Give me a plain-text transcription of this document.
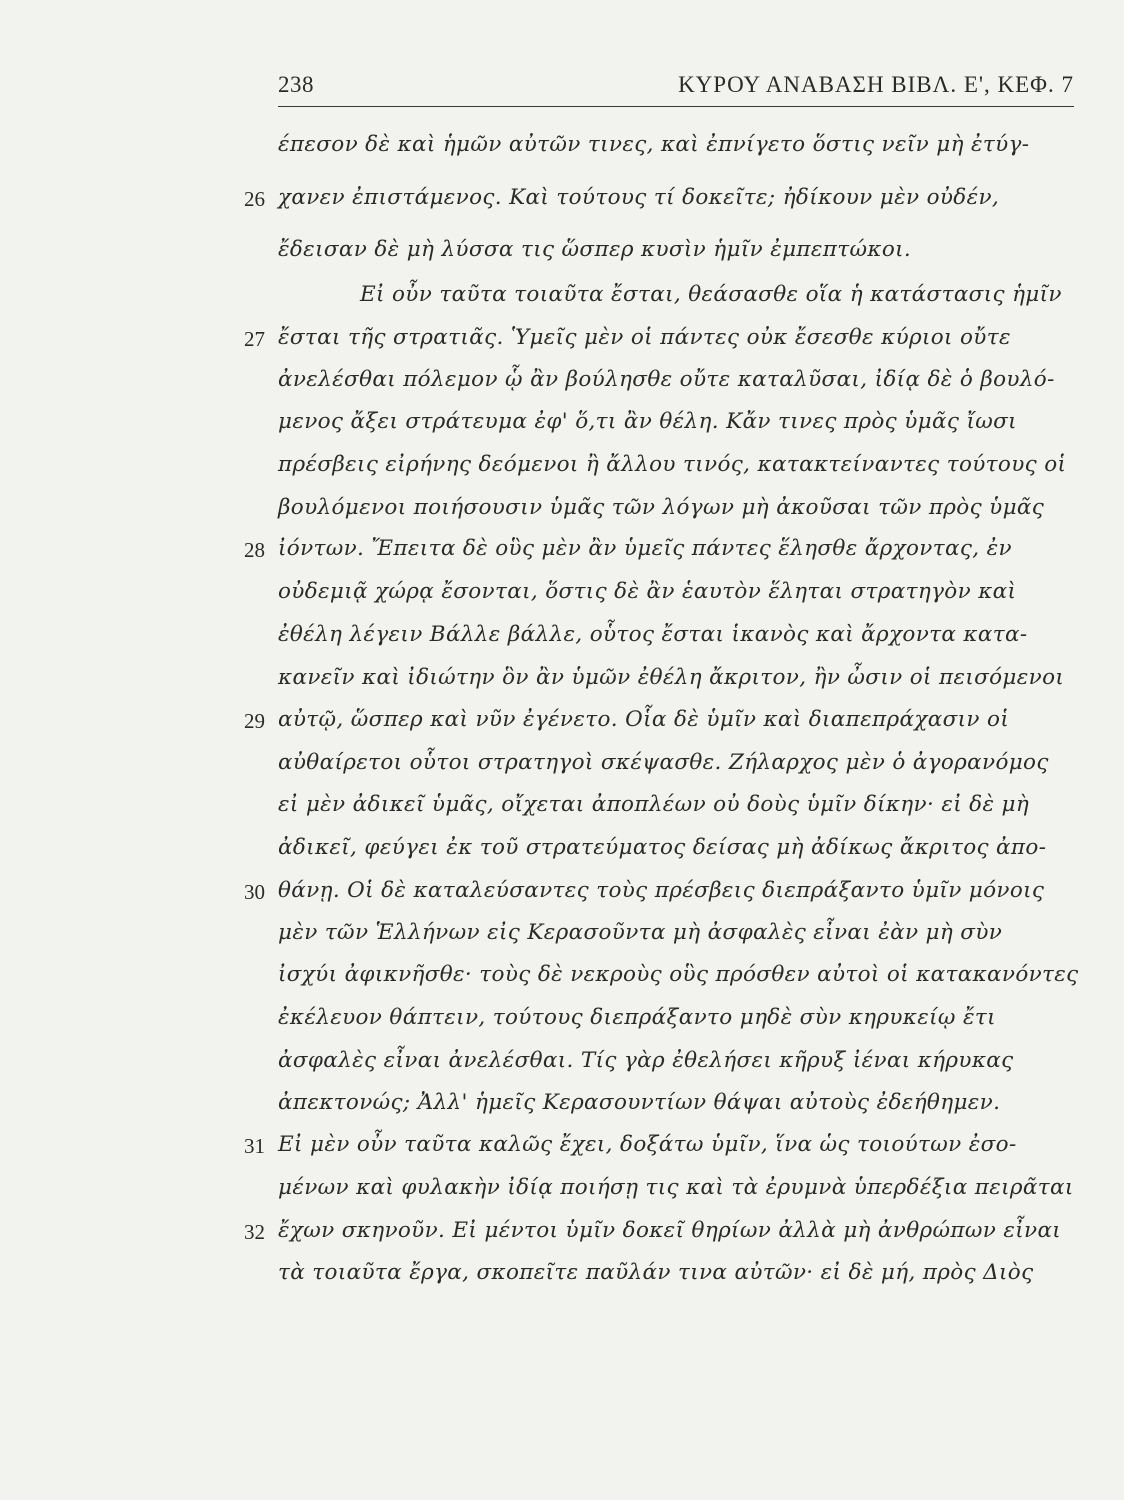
238	ΚΥΡΟΥ ΑΝΑΒΑΣΗ ΒΙΒΛ. Ε', ΚΕΦ. 7
έπεσον δὲ καὶ ἡμῶν αὐτῶν τινες, καὶ ἐπνίγετο ὅστις νεῖν μὴ ἐτύγ-
26 χανεν ἐπιστάμενος. Καὶ τούτους τί δοκεῖτε; ἠδίκουν μὲν οὐδέν,
ἔδεισαν δὲ μὴ λύσσα τις ὥσπερ κυσὶν ἡμῖν ἐμπεπτώκοι.
Εἰ οὖν ταῦτα τοιαῦτα ἔσται, θεάσασθε οἵα ἡ κατάστασις ἡμῖν
27 ἔσται τῆς στρατιᾶς. Ὑμεῖς μὲν οἱ πάντες οὐκ ἔσεσθε κύριοι οὔτε
ἀνελέσθαι πόλεμον ᾧ ἂν βούλησθε οὔτε καταλῦσαι, ἰδίᾳ δὲ ὁ βουλό-
μενος ἄξει στράτευμα ἐφ' ὅ,τι ἂν θέλη. Κἄν τινες πρὸς ὑμᾶς ἴωσι
πρέσβεις εἰρήνης δεόμενοι ἢ ἄλλου τινός, κατακτείναντες τούτους οἱ
βουλόμενοι ποιήσουσιν ὑμᾶς τῶν λόγων μὴ ἀκοῦσαι τῶν πρὸς ὑμᾶς
28 ἰόντων. Ἔπειτα δὲ οὓς μὲν ἂν ὑμεῖς πάντες ἕλησθε ἄρχοντας, ἐν
οὐδεμιᾷ χώρᾳ ἔσονται, ὅστις δὲ ἂν ἑαυτὸν ἕληται στρατηγὸν καὶ
ἐθέλη λέγειν Βάλλε βάλλε, οὗτος ἔσται ἱκανὸς καὶ ἄρχοντα κατα-
κανεῖν καὶ ἰδιώτην ὃν ἂν ὑμῶν ἐθέλη ἄκριτον, ἢν ὦσιν οἱ πεισόμενοι
29 αὐτῷ, ὥσπερ καὶ νῦν ἐγένετο. Οἷα δὲ ὑμῖν καὶ διαπεπράχασιν οἱ
αὐθαίρετοι οὗτοι στρατηγοὶ σκέψασθε. Ζήλαρχος μὲν ὁ ἀγορανόμος
εἰ μὲν ἀδικεῖ ὑμᾶς, οἴχεται ἀποπλέων οὐ δοὺς ὑμῖν δίκην· εἰ δὲ μὴ
ἀδικεῖ, φεύγει ἐκ τοῦ στρατεύματος δείσας μὴ ἀδίκως ἄκριτος ἀπο-
30 θάνῃ. Οἱ δὲ καταλεύσαντες τοὺς πρέσβεις διεπράξαντο ὑμῖν μόνοις
μὲν τῶν Ἑλλήνων εἰς Κερασοῦντα μὴ ἀσφαλὲς εἶναι ἐὰν μὴ σὺν
ἰσχύι ἀφικνῆσθε· τοὺς δὲ νεκροὺς οὓς πρόσθεν αὐτοὶ οἱ κατακανόντες
ἐκέλευον θάπτειν, τούτους διεπράξαντο μηδὲ σὺν κηρυκείῳ ἔτι
ἀσφαλὲς εἶναι ἀνελέσθαι. Τίς γὰρ ἐθελήσει κῆρυξ ἰέναι κήρυκας
ἀπεκτονώς; Ἀλλ' ἡμεῖς Κερασουντίων θάψαι αὐτοὺς ἐδεήθημεν.
31 Εἰ μὲν οὖν ταῦτα καλῶς ἔχει, δοξάτω ὑμῖν, ἵνα ὡς τοιούτων ἐσο-
μένων καὶ φυλακὴν ἰδίᾳ ποιήσῃ τις καὶ τὰ ἐρυμνὰ ὑπερδέξια πειρᾶται
32 ἔχων σκηνοῦν. Εἰ μέντοι ὑμῖν δοκεῖ θηρίων ἀλλὰ μὴ ἀνθρώπων εἶναι
τὰ τοιαῦτα ἔργα, σκοπεῖτε παῦλάν τινα αὐτῶν· εἰ δὲ μή, πρὸς Διὸς
